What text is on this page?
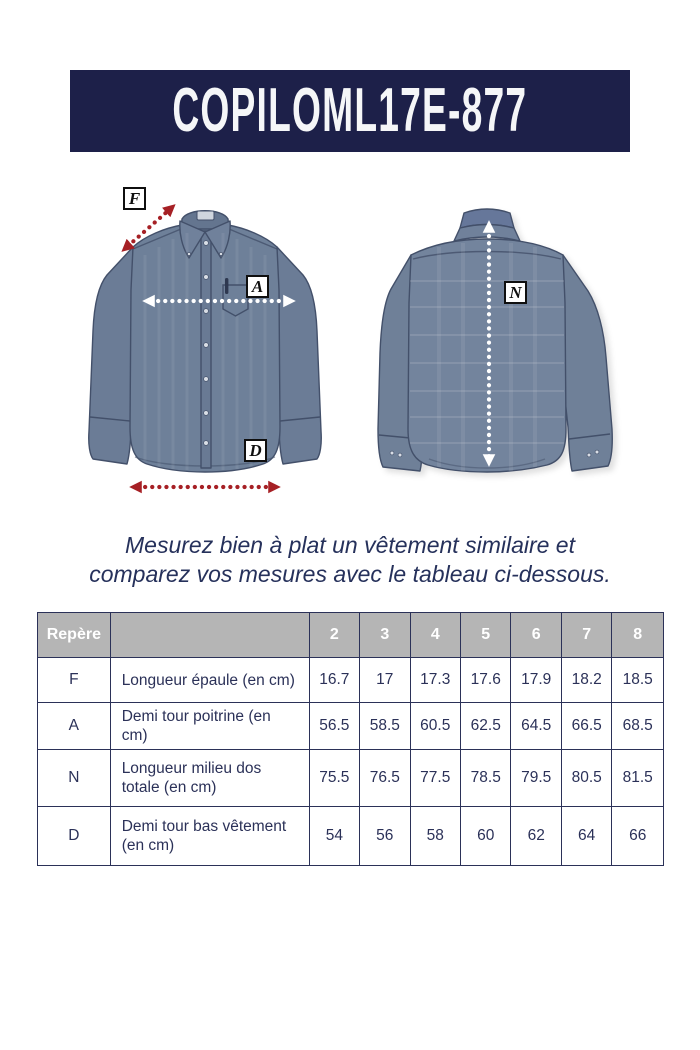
COPILOML17E-877
F
A
D
N
Mesurez bien à plat un vêtement similaire et
comparez vos mesures avec le tableau ci-dessous.
Repère		2	3	4	5	6	7	8
F	Longueur épaule (en cm)	16.7	17	17.3	17.6	17.9	18.2	18.5
A	Demi tour poitrine (en cm)	56.5	58.5	60.5	62.5	64.5	66.5	68.5
N	Longueur milieu dos totale (en cm)	75.5	76.5	77.5	78.5	79.5	80.5	81.5
D	Demi tour bas vêtement (en cm)	54	56	58	60	62	64	66
